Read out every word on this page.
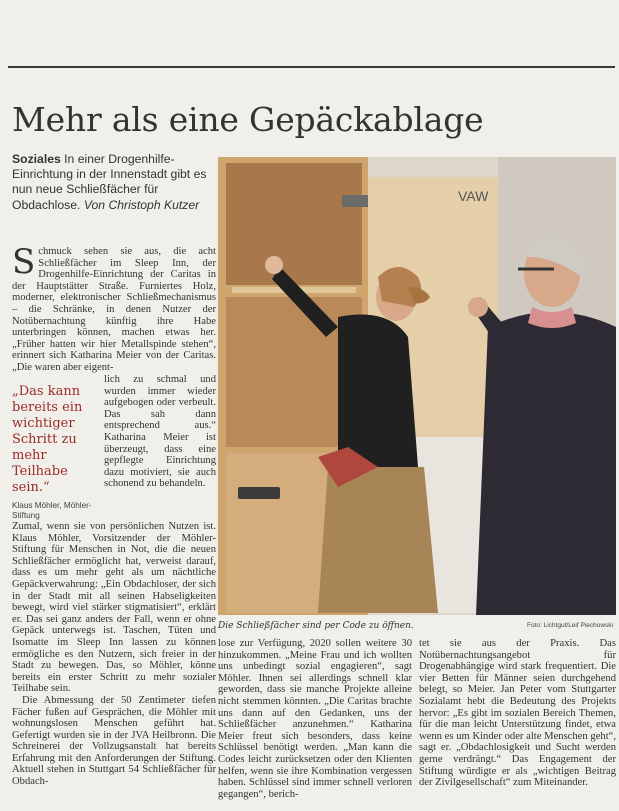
Mehr als eine Gepäckablage
Soziales In einer Drogenhilfe-Einrichtung in der Innenstadt gibt es nun neue Schließfächer für Obdachlose. Von Christoph Kutzer
VAW
Die Schließfächer sind per Code zu öffnen.	Foto: Lichtgut/Leif Piechowski
S chmuck sehen sie aus, die acht Schließfächer im Sleep Inn, der Drogenhilfe-Einrichtung der Caritas in der Hauptstätter Straße. Furniertes Holz, moderner, elektronischer Schließmechanismus – die Schränke, in denen Nutzer der Notübernachtung künftig ihre Habe unterbringen können, machen etwas her. „Früher hatten wir hier Metallspinde stehen“, erinnert sich Katharina Meier von der Caritas. „Die waren aber eigent-
„Das kann bereits ein wichtiger Schritt zu mehr Teilhabe sein.“
Klaus Möhler, Möhler-Stiftung
lich zu schmal und wurden immer wieder aufgebogen oder verbeult. Das sah dann entsprechend aus.“ Katharina Meier ist überzeugt, dass eine gepflegte Einrichtung dazu motiviert, sie auch schonend zu behandeln.

Zumal, wenn sie von persönlichen Nutzen ist. Klaus Möhler, Vorsitzender der Möhler-Stiftung für Menschen in Not, die die neuen Schließfächer ermöglicht hat, verweist darauf, dass es um mehr geht als um nächtliche Gepäckverwahrung: „Ein Obdachloser, der sich in der Stadt mit all seinen Habseligkeiten bewegt, wird viel stärker stigmatisiert“, erklärt er. Das sei ganz anders der Fall, wenn er ohne Gepäck unterwegs ist. Taschen, Tüten und Isomatte im Sleep Inn lassen zu können ermögliche es den Nutzern, sich freier in der Stadt zu bewegen. Das, so Möhler, könne bereits ein erster Schritt zu mehr sozialer Teilhabe sein.

Die Abmessung der 50 Zentimeter tiefen Fächer fußen auf Gesprächen, die Möhler mit wohnungslosen Menschen geführt hat. Gefertigt wurden sie in der JVA Heilbronn. Die Schreinerei der Vollzugsanstalt hat bereits Erfahrung mit den Anforderungen der Stiftung. Aktuell stehen in Stuttgart 54 Schließfächer für Obdach-

lose zur Verfügung, 2020 sollen weitere 30 hinzukommen. „Meine Frau und ich wollten uns unbedingt sozial engagieren“, sagt Möhler. Ihnen sei allerdings schnell klar geworden, dass sie manche Projekte alleine nicht stemmen könnten. „Die Caritas brachte uns dann auf den Gedanken, uns der Schließfächer anzunehmen.“ Katharina Meier freut sich besonders, dass keine Schlüssel benötigt werden. „Man kann die Codes leicht zurücksetzen oder den Klienten helfen, wenn sie ihre Kombination vergessen haben. Schlüssel sind immer schnell verloren gegangen“, berich-
tet sie aus der Praxis. Das Notübernachtungsangebot für Drogenabhängige wird stark frequentiert. Die vier Betten für Männer seien durchgehend belegt, so Meier. Jan Peter vom Stuttgarter Sozialamt hebt die Bedeutung des Projekts hervor: „Es gibt im sozialen Bereich Themen, für die man leicht Unterstützung findet, etwa wenn es um Kinder oder alte Menschen geht“, sagt er. „Obdachlosigkeit und Sucht werden gerne verdrängt.“ Das Engagement der Stiftung würdigte er als „wichtigen Beitrag der Zivilgesellschaft“ zum Miteinander.
